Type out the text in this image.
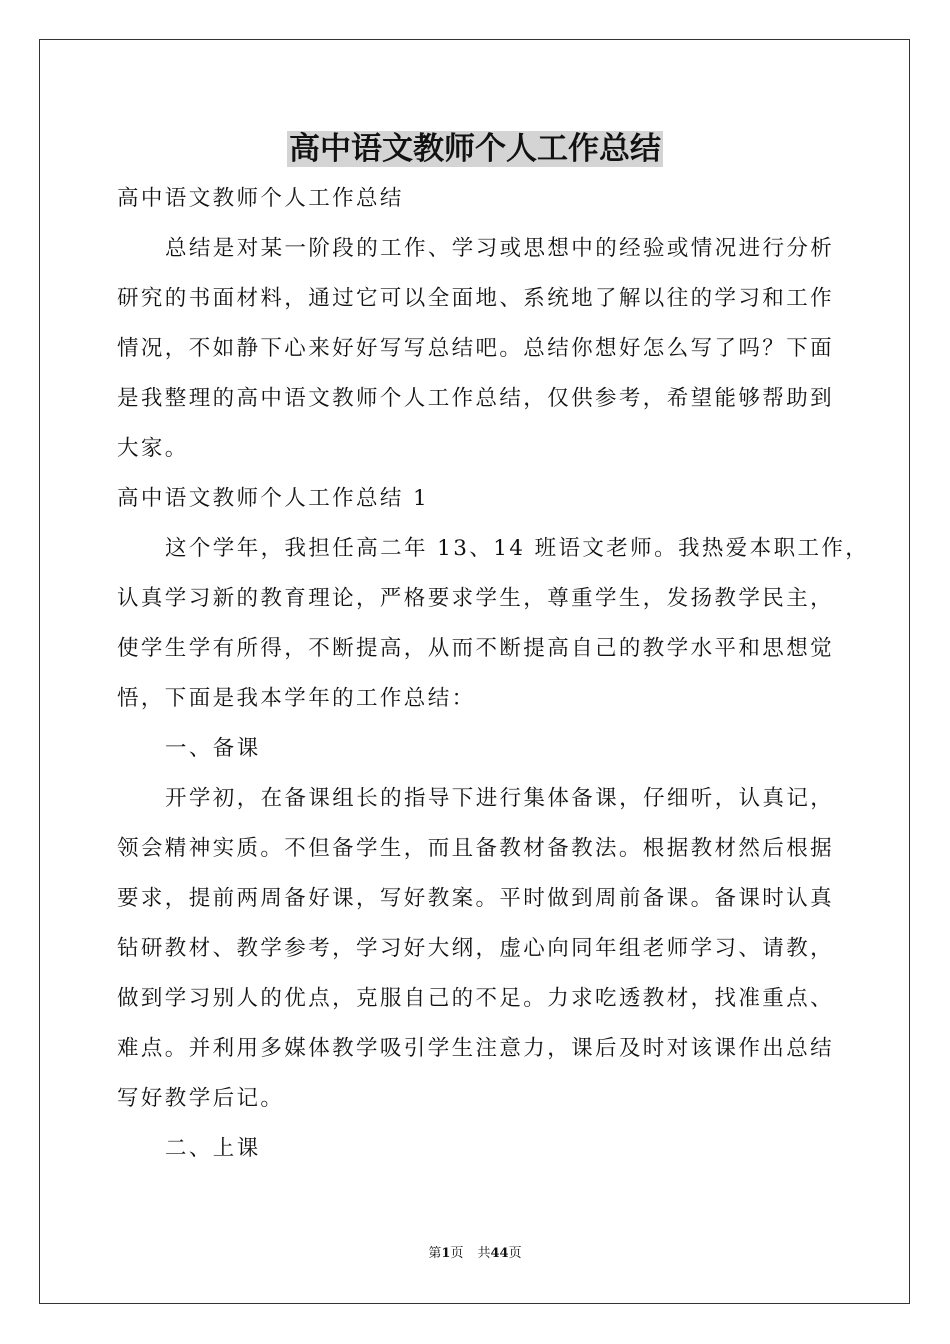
高中语文教师个人工作总结
高中语文教师个人工作总结
总结是对某一阶段的工作、学习或思想中的经验或情况进行分析
研究的书面材料，通过它可以全面地、系统地了解以往的学习和工作
情况，不如静下心来好好写写总结吧。总结你想好怎么写了吗？下面
是我整理的高中语文教师个人工作总结，仅供参考，希望能够帮助到
大家。
高中语文教师个人工作总结 1
这个学年，我担任高二年 13、14 班语文老师。我热爱本职工作，
认真学习新的教育理论，严格要求学生，尊重学生，发扬教学民主，
使学生学有所得，不断提高，从而不断提高自己的教学水平和思想觉
悟，下面是我本学年的工作总结：
一、备课
开学初，在备课组长的指导下进行集体备课，仔细听，认真记，
领会精神实质。不但备学生，而且备教材备教法。根据教材然后根据
要求，提前两周备好课，写好教案。平时做到周前备课。备课时认真
钻研教材、教学参考，学习好大纲，虚心向同年组老师学习、请教，
做到学习别人的优点，克服自己的不足。力求吃透教材，找准重点、
难点。并利用多媒体教学吸引学生注意力，课后及时对该课作出总结
写好教学后记。
二、上课
第1页 共44页
